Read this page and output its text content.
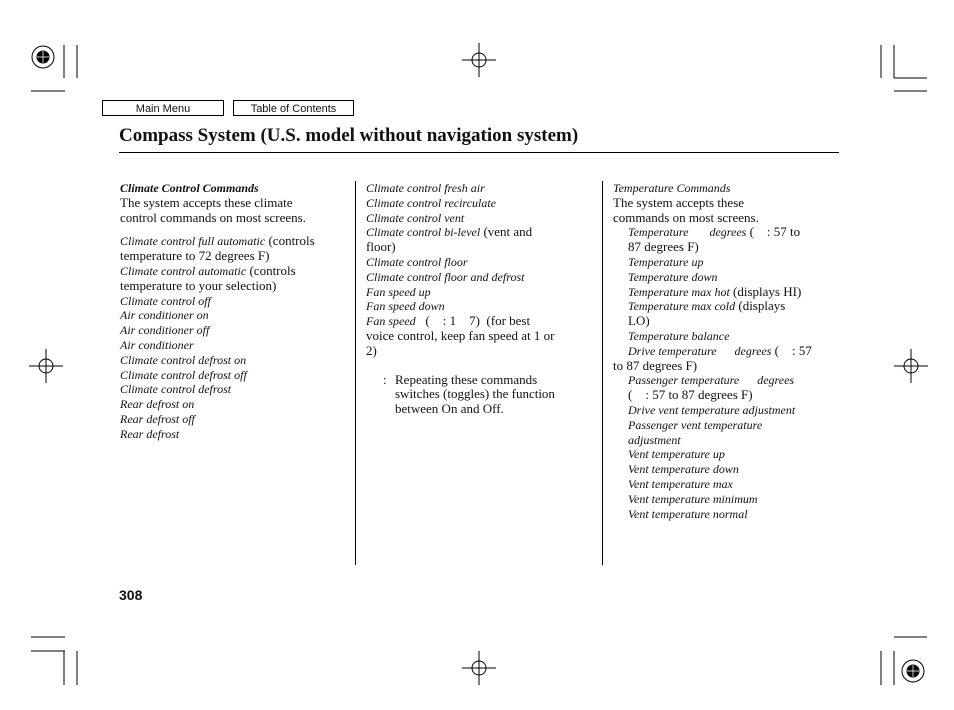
Main Menu	Table of Contents
Compass System (U.S. model without navigation system)
Climate Control Commands
The system accepts these climate
control commands on most screens.
Climate control full automatic (controls
temperature to 72 degrees F)
Climate control automatic (controls
temperature to your selection)
Climate control off
Air conditioner on
Air conditioner off
Air conditioner
Climate control defrost on
Climate control defrost off
Climate control defrost
Rear defrost on
Rear defrost off
Rear defrost
Climate control fresh air
Climate control recirculate
Climate control vent
Climate control bi-level (vent and
floor)
Climate control floor
Climate control floor and defrost
Fan speed up
Fan speed down
Fan speed   (    : 1    7)  (for best
voice control, keep fan speed at 1 or
2)
: Repeating these commands
switches (toggles) the function
between On and Off.
Temperature Commands
The system accepts these
commands on most screens.
Temperature degrees (    : 57 to
87 degrees F)
Temperature up
Temperature down
Temperature max hot (displays HI)
Temperature max cold (displays
LO)
Temperature balance
Drive temperature degrees (    : 57
to 87 degrees F)
Passenger temperature degrees
(    : 57 to 87 degrees F)
Drive vent temperature adjustment
Passenger vent temperature
adjustment
Vent temperature up
Vent temperature down
Vent temperature max
Vent temperature minimum
Vent temperature normal
308
